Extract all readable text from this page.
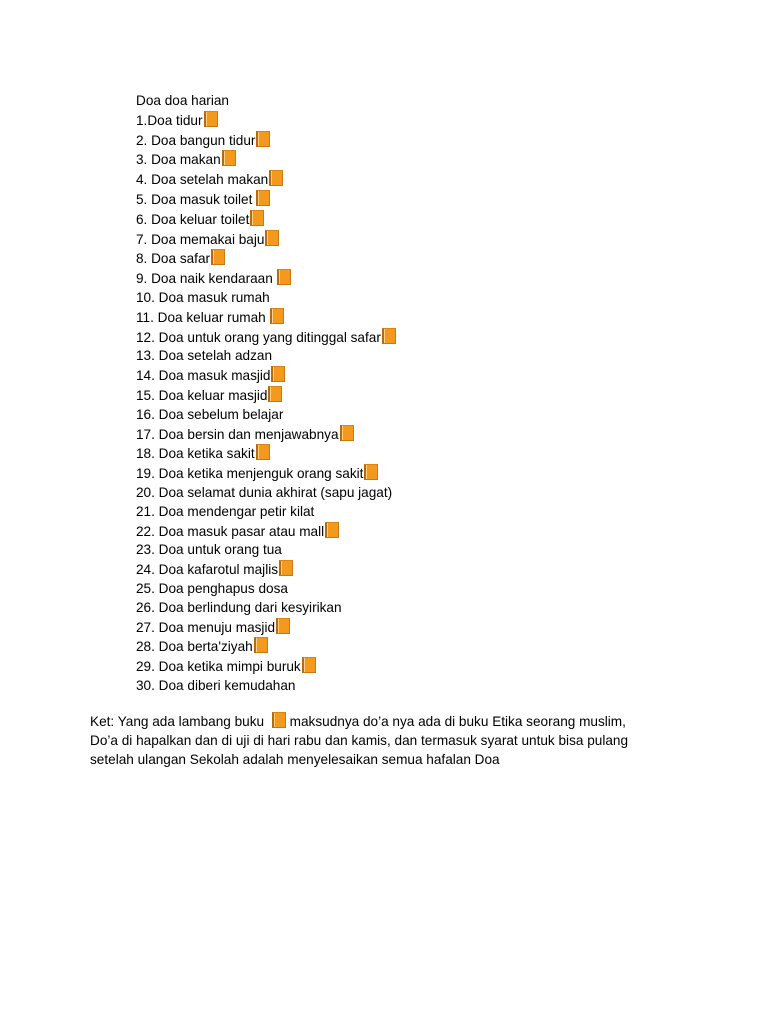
Doa doa harian
1.Doa tidur
2. Doa bangun tidur
3. Doa makan
4. Doa setelah makan
5. Doa masuk toilet
6. Doa keluar toilet
7. Doa memakai baju
8. Doa safar
9. Doa naik kendaraan
10. Doa masuk rumah
11. Doa keluar rumah
12. Doa untuk orang yang ditinggal safar
13. Doa setelah adzan
14. Doa masuk masjid
15. Doa keluar masjid
16. Doa sebelum belajar
17. Doa bersin dan menjawabnya
18. Doa ketika sakit
19. Doa ketika menjenguk orang sakit
20. Doa selamat dunia akhirat (sapu jagat)
21. Doa mendengar petir kilat
22. Doa masuk pasar atau mall
23. Doa untuk orang tua
24. Doa kafarotul majlis
25. Doa penghapus dosa
26. Doa berlindung dari kesyirikan
27. Doa menuju masjid
28. Doa berta'ziyah
29. Doa ketika mimpi buruk
30. Doa diberi kemudahan
Ket: Yang ada lambang buku maksudnya do’a nya ada di buku Etika seorang muslim,
Do’a di hapalkan dan di uji di hari rabu dan kamis, dan termasuk syarat untuk bisa pulang
setelah ulangan Sekolah adalah menyelesaikan semua hafalan Doa
